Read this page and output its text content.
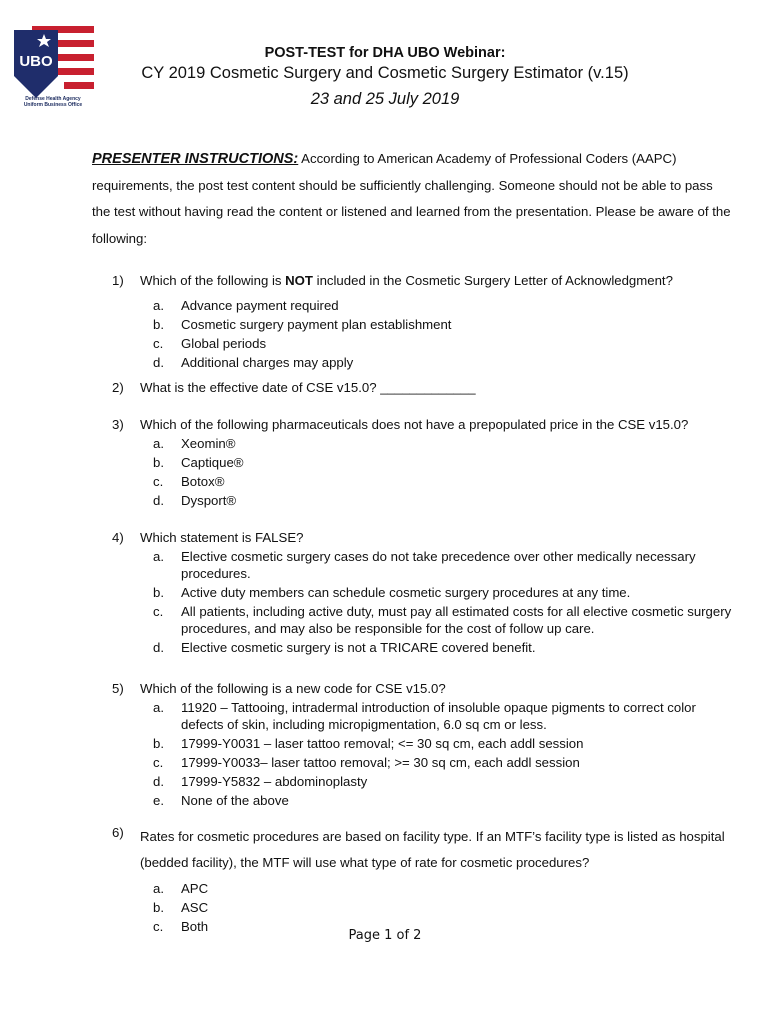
UBO
Defense Health Agency
Uniform Business Office
POST-TEST for DHA UBO Webinar:
CY 2019 Cosmetic Surgery and Cosmetic Surgery Estimator (v.15)
23 and 25 July 2019
PRESENTER INSTRUCTIONS: According to American Academy of Professional Coders (AAPC) requirements, the post test content should be sufficiently challenging. Someone should not be able to pass the test without having read the content or listened and learned from the presentation. Please be aware of the following:
1)	Which of the following is NOT included in the Cosmetic Surgery Letter of Acknowledgment?
a. Advance payment required
b. Cosmetic surgery payment plan establishment
c. Global periods
d. Additional charges may apply
2)	What is the effective date of CSE v15.0? _____________
3)	Which of the following pharmaceuticals does not have a prepopulated price in the CSE v15.0?
a. Xeomin®
b. Captique®
c. Botox®
d. Dysport®
4)	Which statement is FALSE?
a. Elective cosmetic surgery cases do not take precedence over other medically necessary procedures.
b. Active duty members can schedule cosmetic surgery procedures at any time.
c. All patients, including active duty, must pay all estimated costs for all elective cosmetic surgery procedures, and may also be responsible for the cost of follow up care.
d. Elective cosmetic surgery is not a TRICARE covered benefit.
5)	Which of the following is a new code for CSE v15.0?
a. 11920 – Tattooing, intradermal introduction of insoluble opaque pigments to correct color defects of skin, including micropigmentation, 6.0 sq cm or less.
b. 17999-Y0031 – laser tattoo removal; <= 30 sq cm, each addl session
c. 17999-Y0033– laser tattoo removal; >= 30 sq cm, each addl session
d. 17999-Y5832 – abdominoplasty
e. None of the above
6)	Rates for cosmetic procedures are based on facility type. If an MTF’s facility type is listed as hospital (bedded facility), the MTF will use what type of rate for cosmetic procedures?
a. APC
b. ASC
c. Both
Page 1 of 2
